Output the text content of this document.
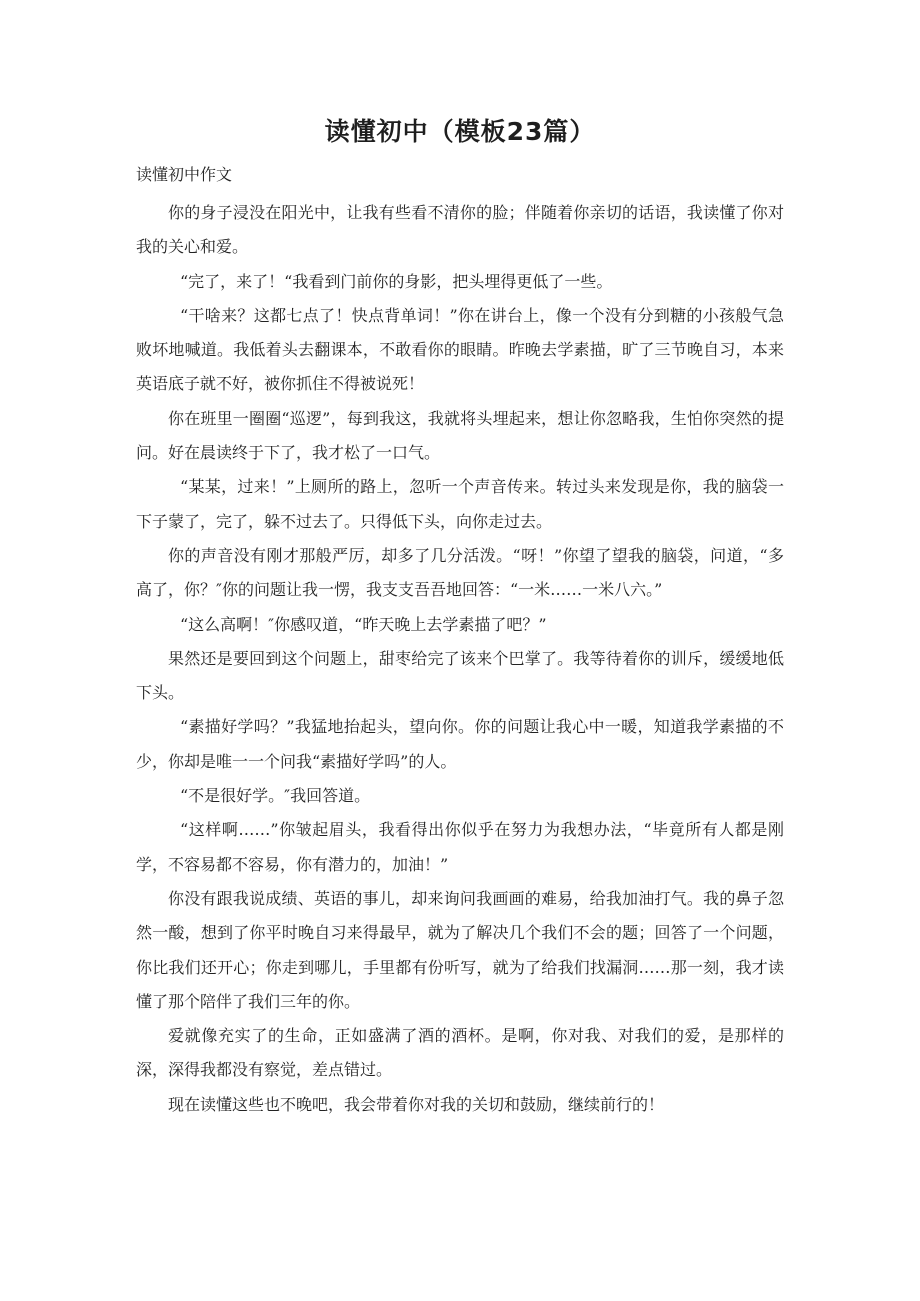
读懂初中（模板23篇）
读懂初中作文

你的身子浸没在阳光中，让我有些看不清你的脸；伴随着你亲切的话语，我读懂了你对我的关心和爱。

“完了，来了！“我看到门前你的身影，把头埋得更低了一些。

“干啥来？这都七点了！快点背单词！”你在讲台上，像一个没有分到糖的小孩般气急败坏地喊道。我低着头去翻课本，不敢看你的眼睛。昨晚去学素描，旷了三节晚自习，本来英语底子就不好，被你抓住不得被说死！

你在班里一圈圈“巡逻”，每到我这，我就将头埋起来，想让你忽略我，生怕你突然的提问。好在晨读终于下了，我才松了一口气。

“某某，过来！”上厕所的路上，忽听一个声音传来。转过头来发现是你，我的脑袋一下子蒙了，完了，躲不过去了。只得低下头，向你走过去。

你的声音没有刚才那般严厉，却多了几分活泼。“呀！”你望了望我的脑袋，问道，“多高了，你？″你的问题让我一愣，我支支吾吾地回答：“一米……一米八六。”

“这么高啊！″你感叹道，“昨天晚上去学素描了吧？”

果然还是要回到这个问题上，甜枣给完了该来个巴掌了。我等待着你的训斥，缓缓地低下头。

“素描好学吗？”我猛地抬起头，望向你。你的问题让我心中一暖，知道我学素描的不少，你却是唯一一个问我“素描好学吗”的人。

“不是很好学。″我回答道。

“这样啊……”你皱起眉头，我看得出你似乎在努力为我想办法，“毕竟所有人都是刚学，不容易都不容易，你有潜力的，加油！”

你没有跟我说成绩、英语的事儿，却来询问我画画的难易，给我加油打气。我的鼻子忽然一酸，想到了你平时晚自习来得最早，就为了解决几个我们不会的题；回答了一个问题，你比我们还开心；你走到哪儿，手里都有份听写，就为了给我们找漏洞……那一刻，我才读懂了那个陪伴了我们三年的你。

爱就像充实了的生命，正如盛满了酒的酒杯。是啊，你对我、对我们的爱，是那样的深，深得我都没有察觉，差点错过。

现在读懂这些也不晚吧，我会带着你对我的关切和鼓励，继续前行的！
